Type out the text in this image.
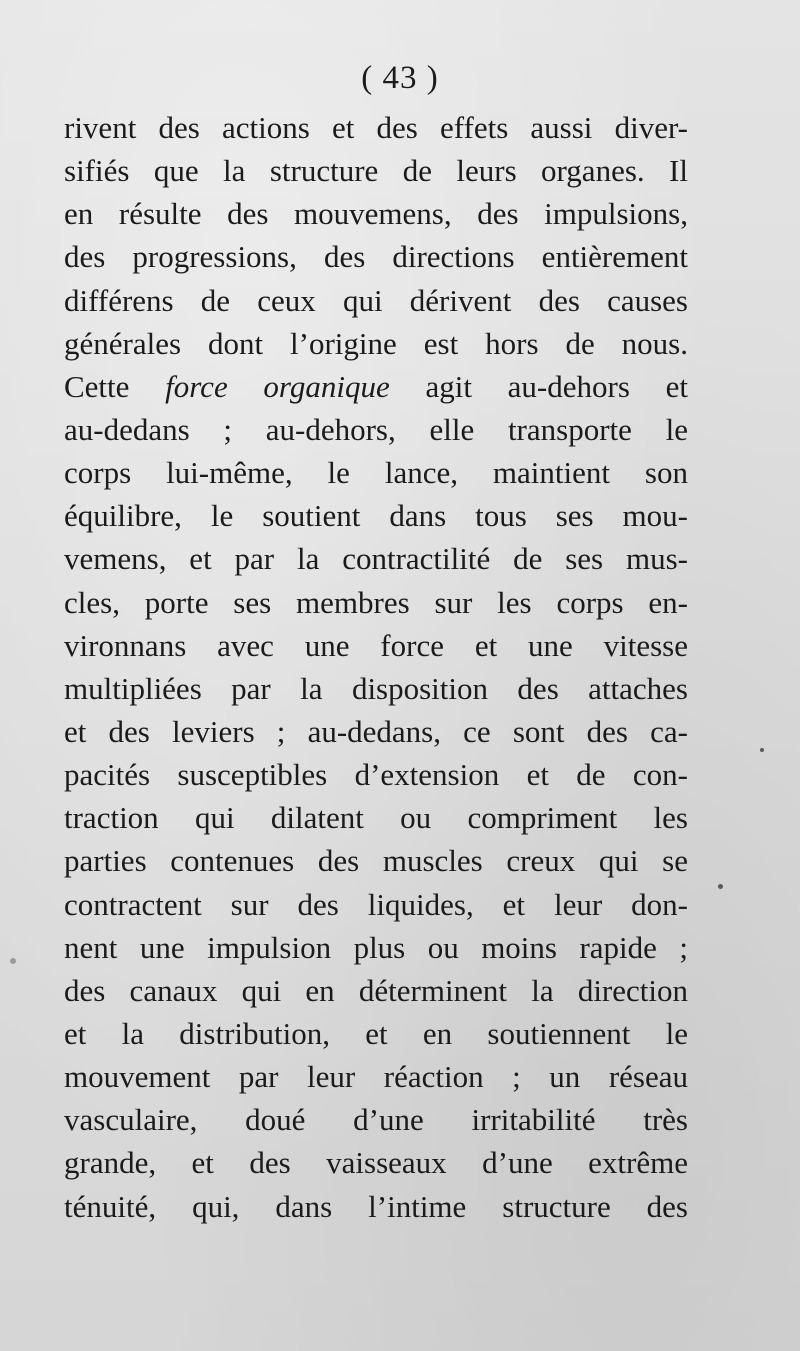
( 43 )
rivent des actions et des effets aussi diver-
sifiés que la structure de leurs organes. Il
en résulte des mouvemens, des impulsions,
des progressions, des directions entièrement
différens de ceux qui dérivent des causes
générales dont l’origine est hors de nous.
Cette force organique agit au-dehors et
au-dedans ; au-dehors, elle transporte le
corps lui-même, le lance, maintient son
équilibre, le soutient dans tous ses mou-
vemens, et par la contractilité de ses mus-
cles, porte ses membres sur les corps en-
vironnans avec une force et une vitesse
multipliées par la disposition des attaches
et des leviers ; au-dedans, ce sont des ca-
pacités susceptibles d’extension et de con-
traction qui dilatent ou compriment les
parties contenues des muscles creux qui se
contractent sur des liquides, et leur don-
nent une impulsion plus ou moins rapide ;
des canaux qui en déterminent la direction
et la distribution, et en soutiennent le
mouvement par leur réaction ; un réseau
vasculaire, doué d’une irritabilité très
grande, et des vaisseaux d’une extrême
ténuité, qui, dans l’intime structure des
